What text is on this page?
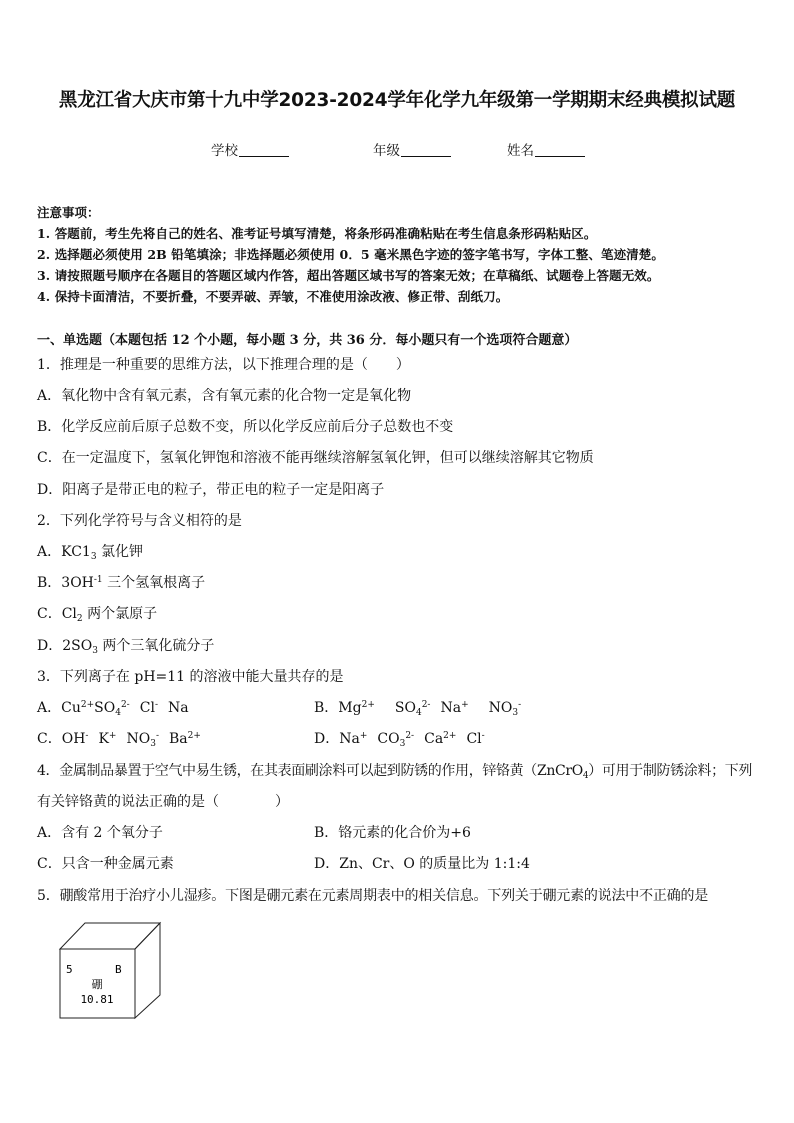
黑龙江省大庆市第十九中学2023-2024学年化学九年级第一学期期末经典模拟试题
学校	年级	姓名
注意事项：
1. 答题前，考生先将自己的姓名、准考证号填写清楚，将条形码准确粘贴在考生信息条形码粘贴区。
2. 选择题必须使用 2B 铅笔填涂；非选择题必须使用 0．5 毫米黑色字迹的签字笔书写，字体工整、笔迹清楚。
3. 请按照题号顺序在各题目的答题区域内作答，超出答题区域书写的答案无效；在草稿纸、试题卷上答题无效。
4. 保持卡面清洁，不要折叠，不要弄破、弄皱，不准使用涂改液、修正带、刮纸刀。
一、单选题（本题包括 12 个小题，每小题 3 分，共 36 分．每小题只有一个选项符合题意）
1．推理是一种重要的思维方法，以下推理合理的是（　　）
A．氧化物中含有氧元素，含有氧元素的化合物一定是氧化物
B．化学反应前后原子总数不变，所以化学反应前后分子总数也不变
C．在一定温度下，氢氧化钾饱和溶液不能再继续溶解氢氧化钾，但可以继续溶解其它物质
D．阳离子是带正电的粒子，带正电的粒子一定是阳离子
2．下列化学符号与含义相符的是
A．$KC1_3$ 氯化钾
B．$3OH^{-1}$ 三个氢氧根离子
C．$Cl_2$ 两个氯原子
D．$2SO_3$ 两个三氧化硫分子
3．下列离子在 pH=11 的溶液中能大量共存的是
A．$Cu^{2+}SO_4^{2-}$ Cl- Na	B．$Mg^{2+}$ $SO_4^{2-}$ Na+ $NO_3^-$
C．OH- K+ $NO_3^-$ $Ba^{2+}$	D．Na+ $CO_3^{2-}$ $Ca^{2+}$ Cl-
4．金属制品暴置于空气中易生锈，在其表面刷涂料可以起到防锈的作用，锌铬黄（ZnCrO$_4$）可用于制防锈涂料；下列
有关锌铬黄的说法正确的是（　　　　）
A．含有 2 个氧分子	B．铬元素的化合价为+6
C．只含一种金属元素	D．Zn、Cr、O 的质量比为 1:1:4
5．硼酸常用于治疗小儿湿疹。下图是硼元素在元素周期表中的相关信息。下列关于硼元素的说法中不正确的是
5	B
硼
10.81
